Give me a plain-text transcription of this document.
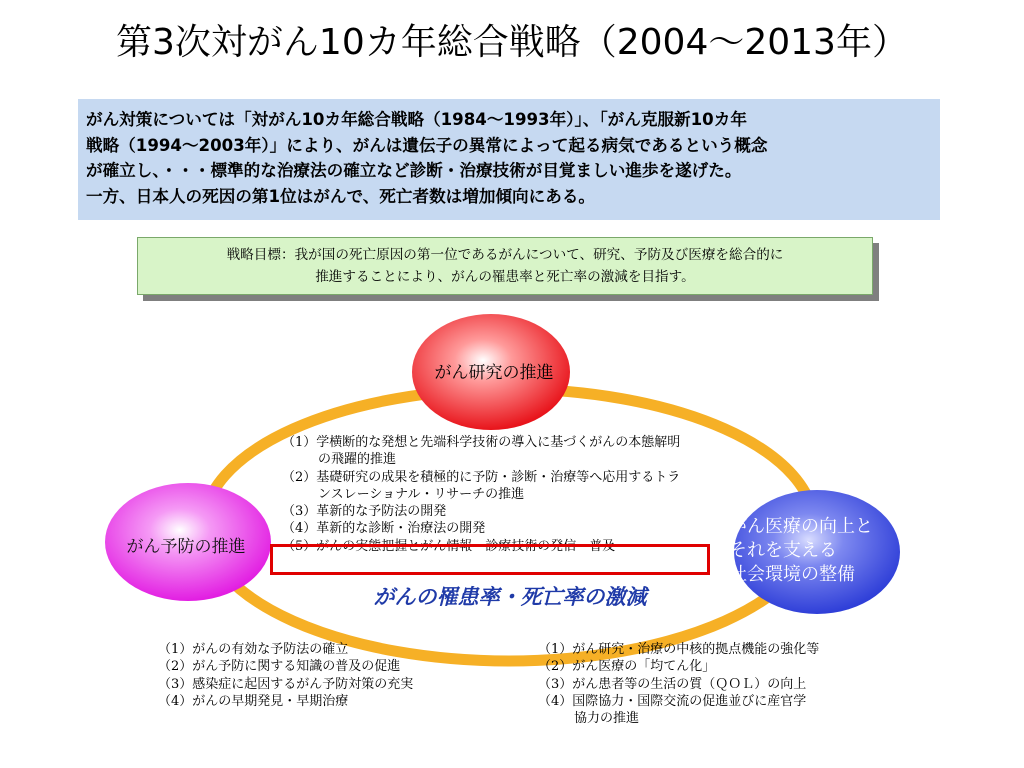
第3次対がん10カ年総合戦略（2004～2013年）
がん対策については「対がん10カ年総合戦略（1984～1993年）」、「がん克服新10カ年
戦略（1994～2003年）」により、がんは遺伝子の異常によって起る病気であるという概念
が確立し、・・・標準的な治療法の確立など診断・治療技術が目覚ましい進歩を遂げた。
一方、日本人の死因の第1位はがんで、死亡者数は増加傾向にある。
戦略目標：我が国の死亡原因の第一位であるがんについて、研究、予防及び医療を総合的に
推進することにより、がんの罹患率と死亡率の激減を目指す。
がん研究の推進
がん予防の推進
がん医療の向上と
それを支える
社会環境の整備
（1）学横断的な発想と先端科学技術の導入に基づくがんの本態解明
の飛躍的推進
（2）基礎研究の成果を積極的に予防・診断・治療等へ応用するトラ
ンスレーショナル・リサーチの推進
（3）革新的な予防法の開発
（4）革新的な診断・治療法の開発
（5）がんの実態把握とがん情報・診療技術の発信・普及
がんの罹患率・死亡率の激減
（1）がんの有効な予防法の確立
（2）がん予防に関する知識の普及の促進
（3）感染症に起因するがん予防対策の充実
（4）がんの早期発見・早期治療
（1）がん研究・治療の中核的拠点機能の強化等
（2）がん医療の「均てん化」
（3）がん患者等の生活の質（ＱＯＬ）の向上
（4）国際協力・国際交流の促進並びに産官学
協力の推進
